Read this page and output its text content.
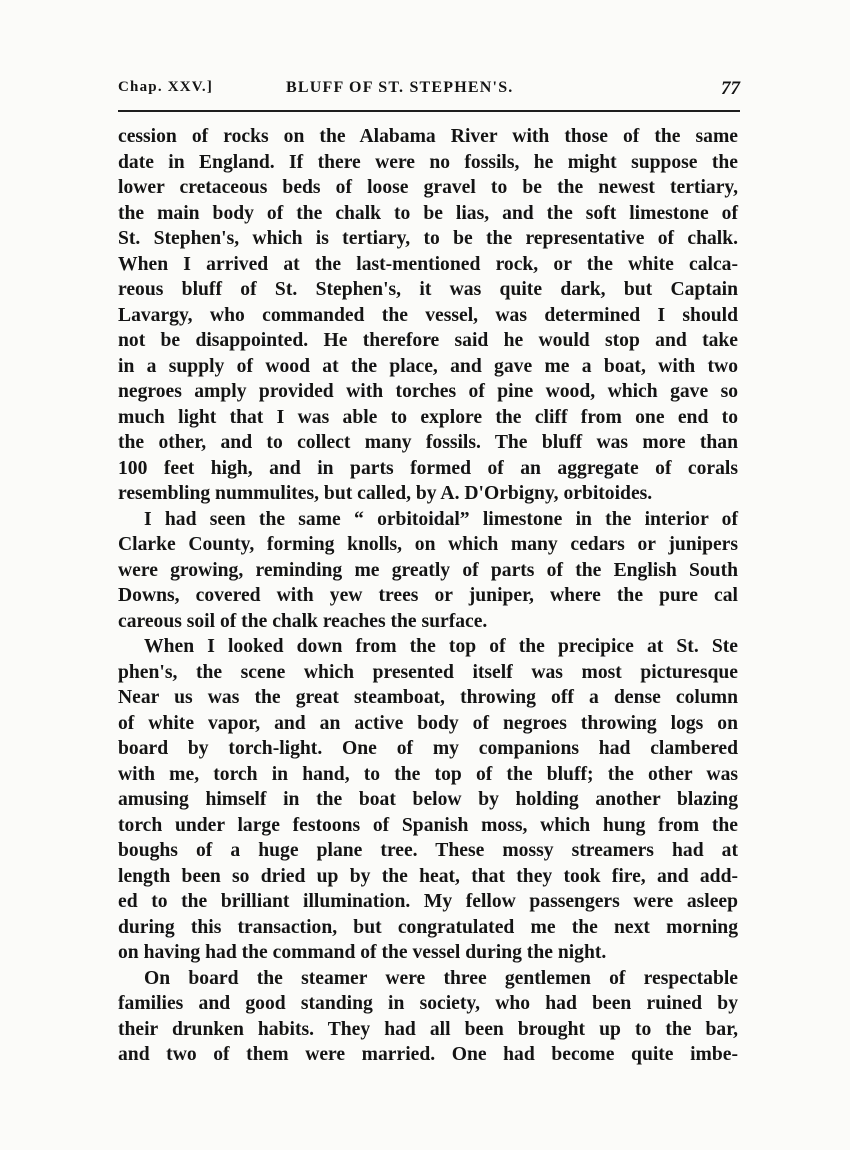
Chap. XXV.]	BLUFF OF ST. STEPHEN'S.	77
cession of rocks on the Alabama River with those of the same
date in England. If there were no fossils, he might suppose the
lower cretaceous beds of loose gravel to be the newest tertiary,
the main body of the chalk to be lias, and the soft limestone of
St. Stephen's, which is tertiary, to be the representative of chalk.
When I arrived at the last-mentioned rock, or the white calca-
reous bluff of St. Stephen's, it was quite dark, but Captain
Lavargy, who commanded the vessel, was determined I should
not be disappointed. He therefore said he would stop and take
in a supply of wood at the place, and gave me a boat, with two
negroes amply provided with torches of pine wood, which gave so
much light that I was able to explore the cliff from one end to
the other, and to collect many fossils. The bluff was more than
100 feet high, and in parts formed of an aggregate of corals
resembling nummulites, but called, by A. D'Orbigny, orbitoides.
I had seen the same “ orbitoidal” limestone in the interior of
Clarke County, forming knolls, on which many cedars or junipers
were growing, reminding me greatly of parts of the English South
Downs, covered with yew trees or juniper, where the pure cal
careous soil of the chalk reaches the surface.
When I looked down from the top of the precipice at St. Ste
phen's, the scene which presented itself was most picturesque
Near us was the great steamboat, throwing off a dense column
of white vapor, and an active body of negroes throwing logs on
board by torch-light. One of my companions had clambered
with me, torch in hand, to the top of the bluff; the other was
amusing himself in the boat below by holding another blazing
torch under large festoons of Spanish moss, which hung from the
boughs of a huge plane tree. These mossy streamers had at
length been so dried up by the heat, that they took fire, and add-
ed to the brilliant illumination. My fellow passengers were asleep
during this transaction, but congratulated me the next morning
on having had the command of the vessel during the night.
On board the steamer were three gentlemen of respectable
families and good standing in society, who had been ruined by
their drunken habits. They had all been brought up to the bar,
and two of them were married. One had become quite imbe-
